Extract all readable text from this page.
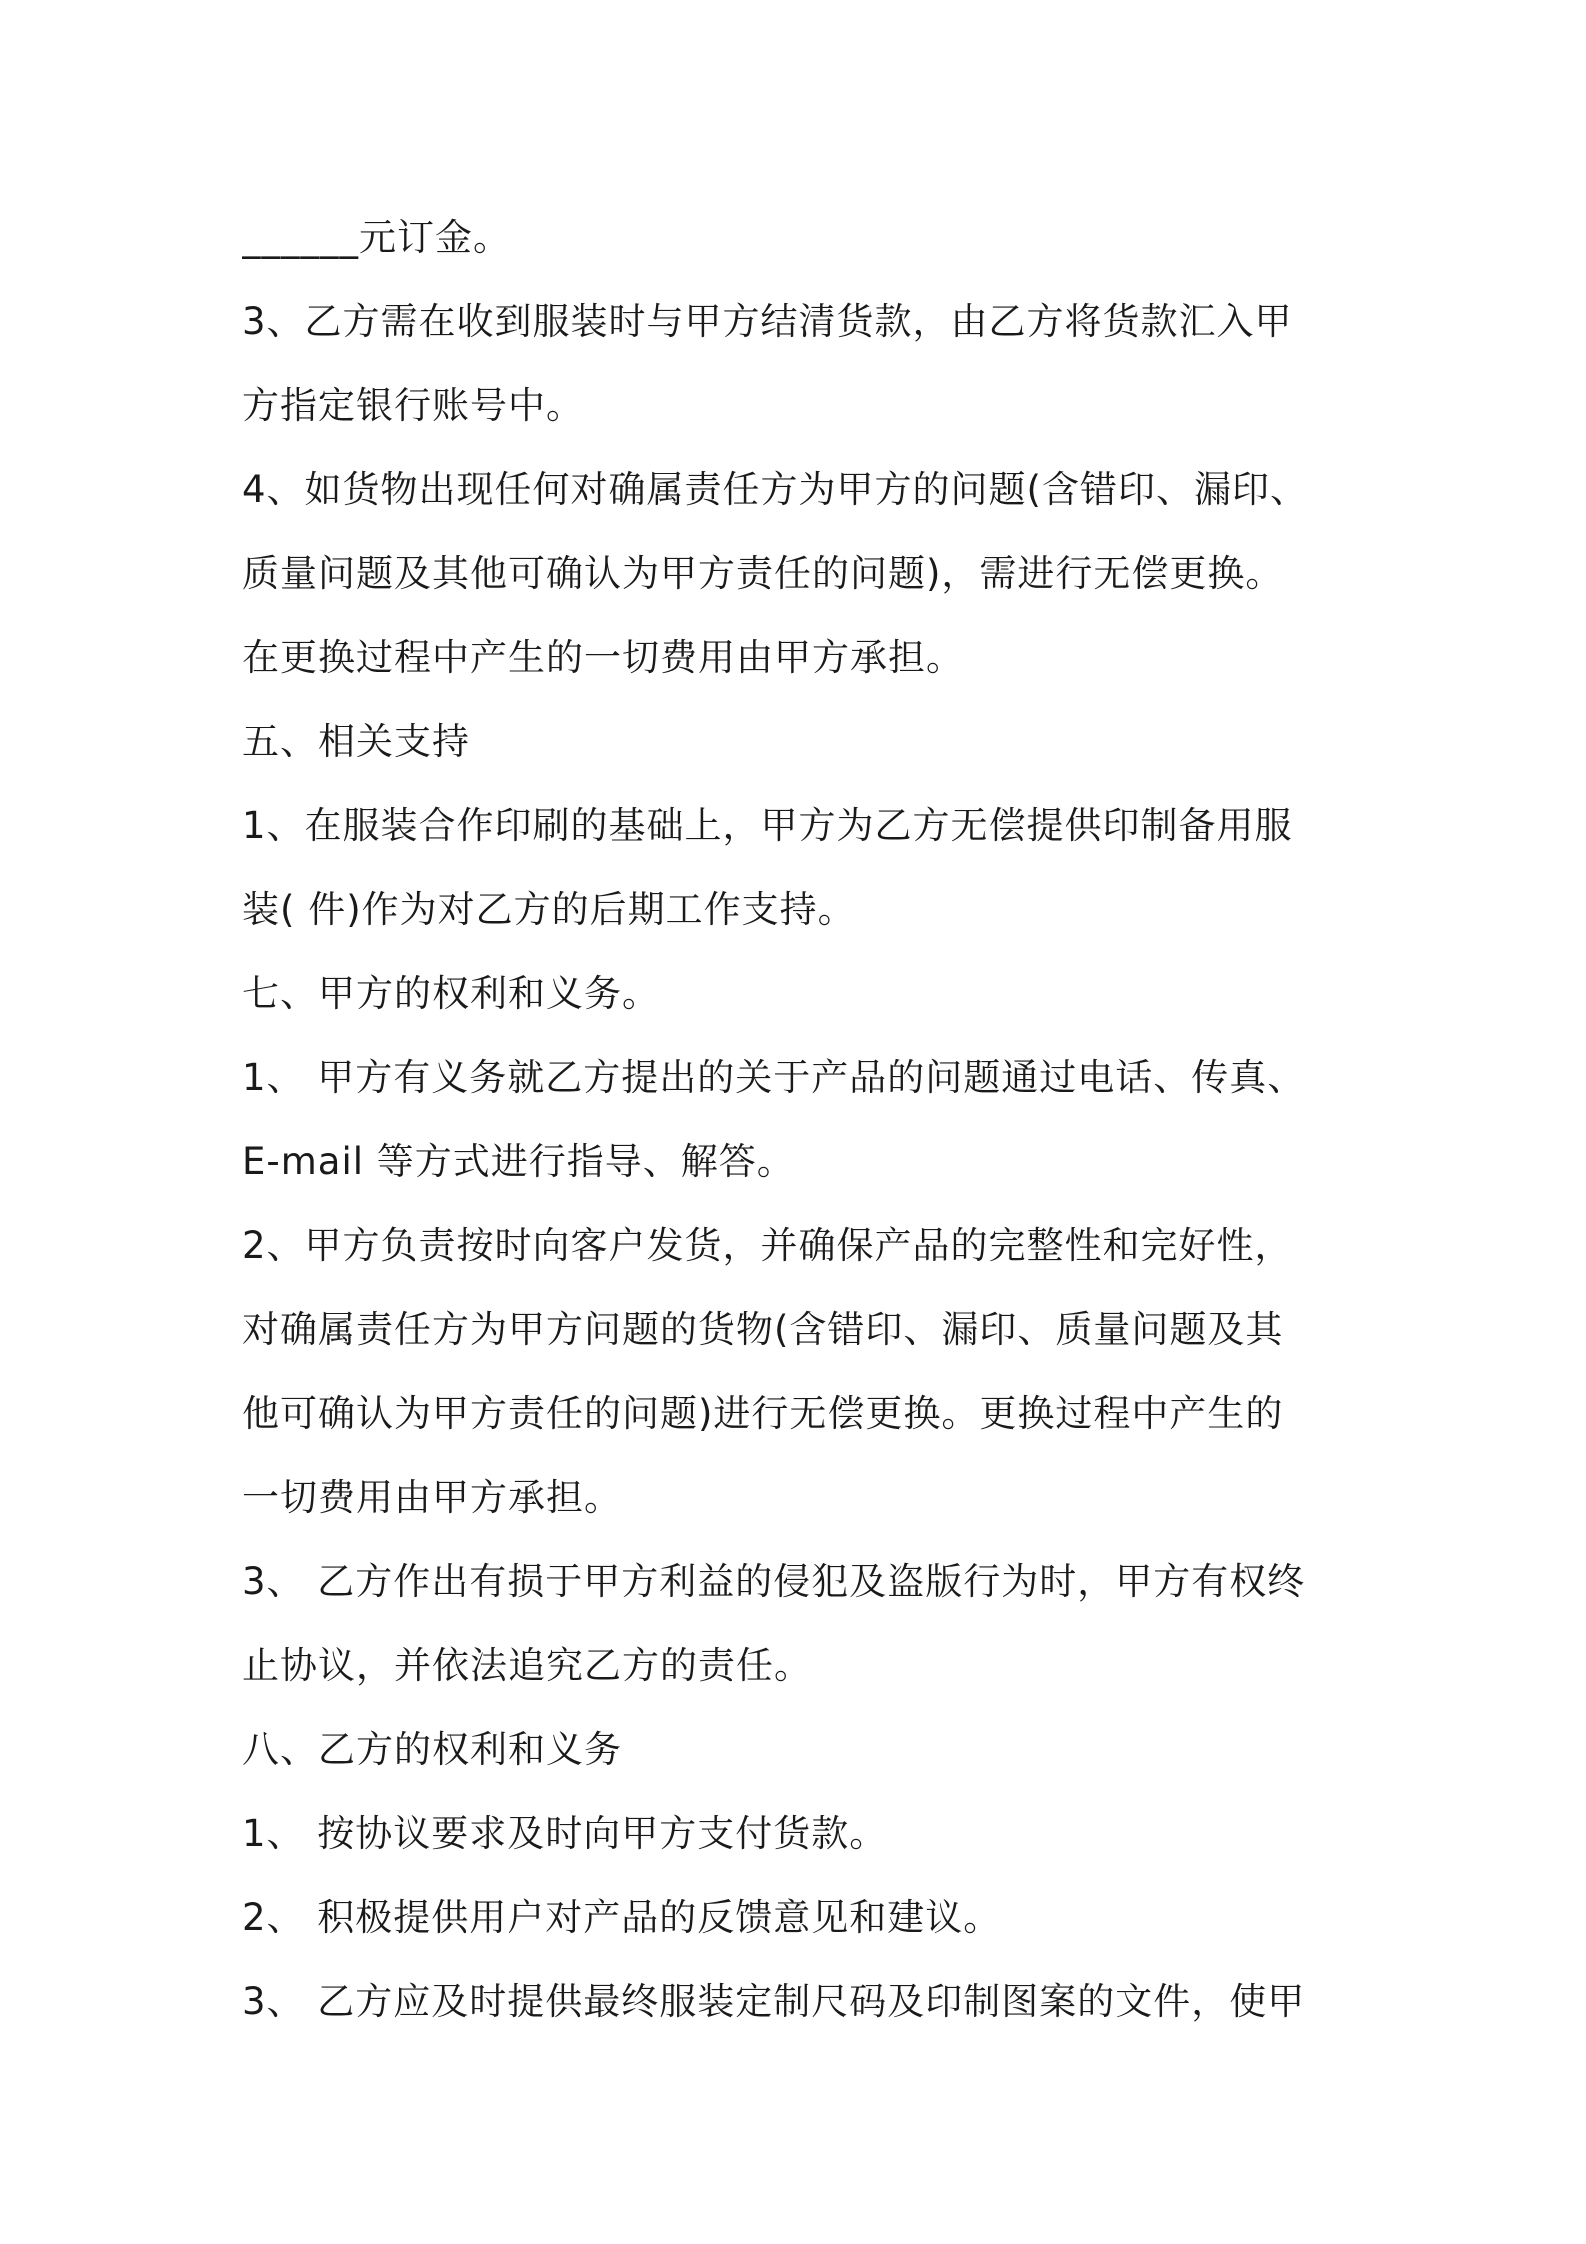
______元订金。
3、乙方需在收到服装时与甲方结清货款，由乙方将货款汇入甲
方指定银行账号中。
4、如货物出现任何对确属责任方为甲方的问题(含错印、漏印、
质量问题及其他可确认为甲方责任的问题)，需进行无偿更换。
在更换过程中产生的一切费用由甲方承担。
五、相关支持
1、在服装合作印刷的基础上，甲方为乙方无偿提供印制备用服
装( 件)作为对乙方的后期工作支持。
七、甲方的权利和义务。
1、 甲方有义务就乙方提出的关于产品的问题通过电话、传真、
E-mail 等方式进行指导、解答。
2、甲方负责按时向客户发货，并确保产品的完整性和完好性，
对确属责任方为甲方问题的货物(含错印、漏印、质量问题及其
他可确认为甲方责任的问题)进行无偿更换。更换过程中产生的
一切费用由甲方承担。
3、 乙方作出有损于甲方利益的侵犯及盗版行为时，甲方有权终
止协议，并依法追究乙方的责任。
八、乙方的权利和义务
1、 按协议要求及时向甲方支付货款。
2、 积极提供用户对产品的反馈意见和建议。
3、 乙方应及时提供最终服装定制尺码及印制图案的文件，使甲
